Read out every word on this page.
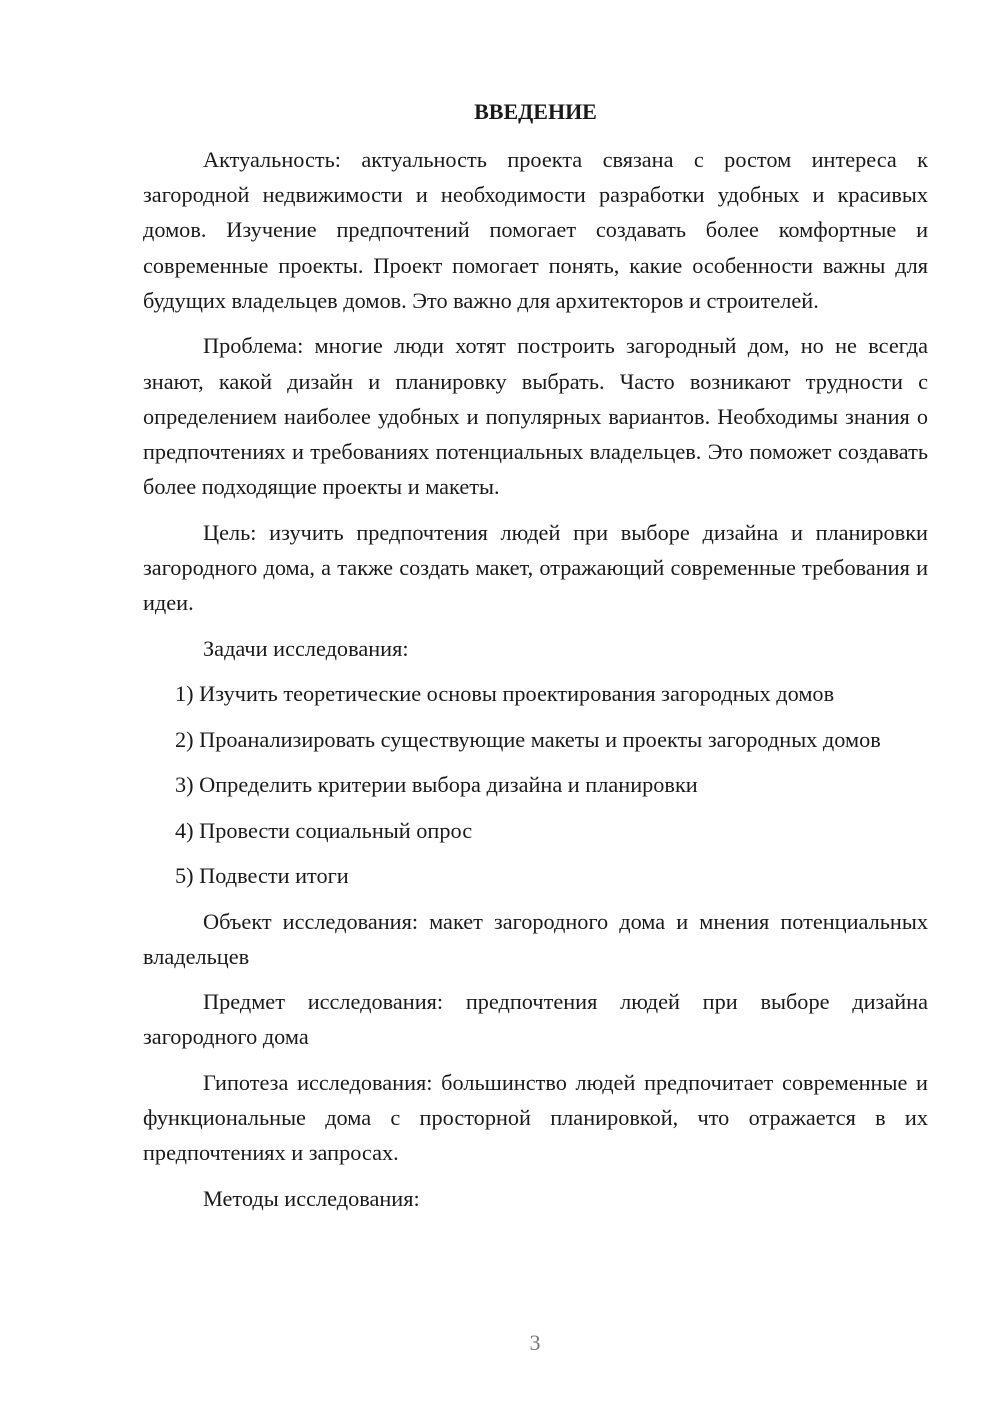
ВВЕДЕНИЕ

Актуальность: актуальность проекта связана с ростом интереса к загородной недвижимости и необходимости разработки удобных и красивых домов. Изучение предпочтений помогает создавать более комфортные и современные проекты. Проект помогает понять, какие особенности важны для будущих владельцев домов. Это важно для архитекторов и строителей.

Проблема: многие люди хотят построить загородный дом, но не всегда знают, какой дизайн и планировку выбрать. Часто возникают трудности с определением наиболее удобных и популярных вариантов. Необходимы знания о предпочтениях и требованиях потенциальных владельцев. Это поможет создавать более подходящие проекты и макеты.

Цель: изучить предпочтения людей при выборе дизайна и планировки загородного дома, а также создать макет, отражающий современные требования и идеи.

Задачи исследования:

1) Изучить теоретические основы проектирования загородных домов

2) Проанализировать существующие макеты и проекты загородных домов

3) Определить критерии выбора дизайна и планировки

4) Провести социальный опрос

5) Подвести итоги

Объект исследования: макет загородного дома и мнения потенциальных владельцев

Предмет исследования: предпочтения людей при выборе дизайна загородного дома

Гипотеза исследования: большинство людей предпочитает современные и функциональные дома с просторной планировкой, что отражается в их предпочтениях и запросах.

Методы исследования:

3
